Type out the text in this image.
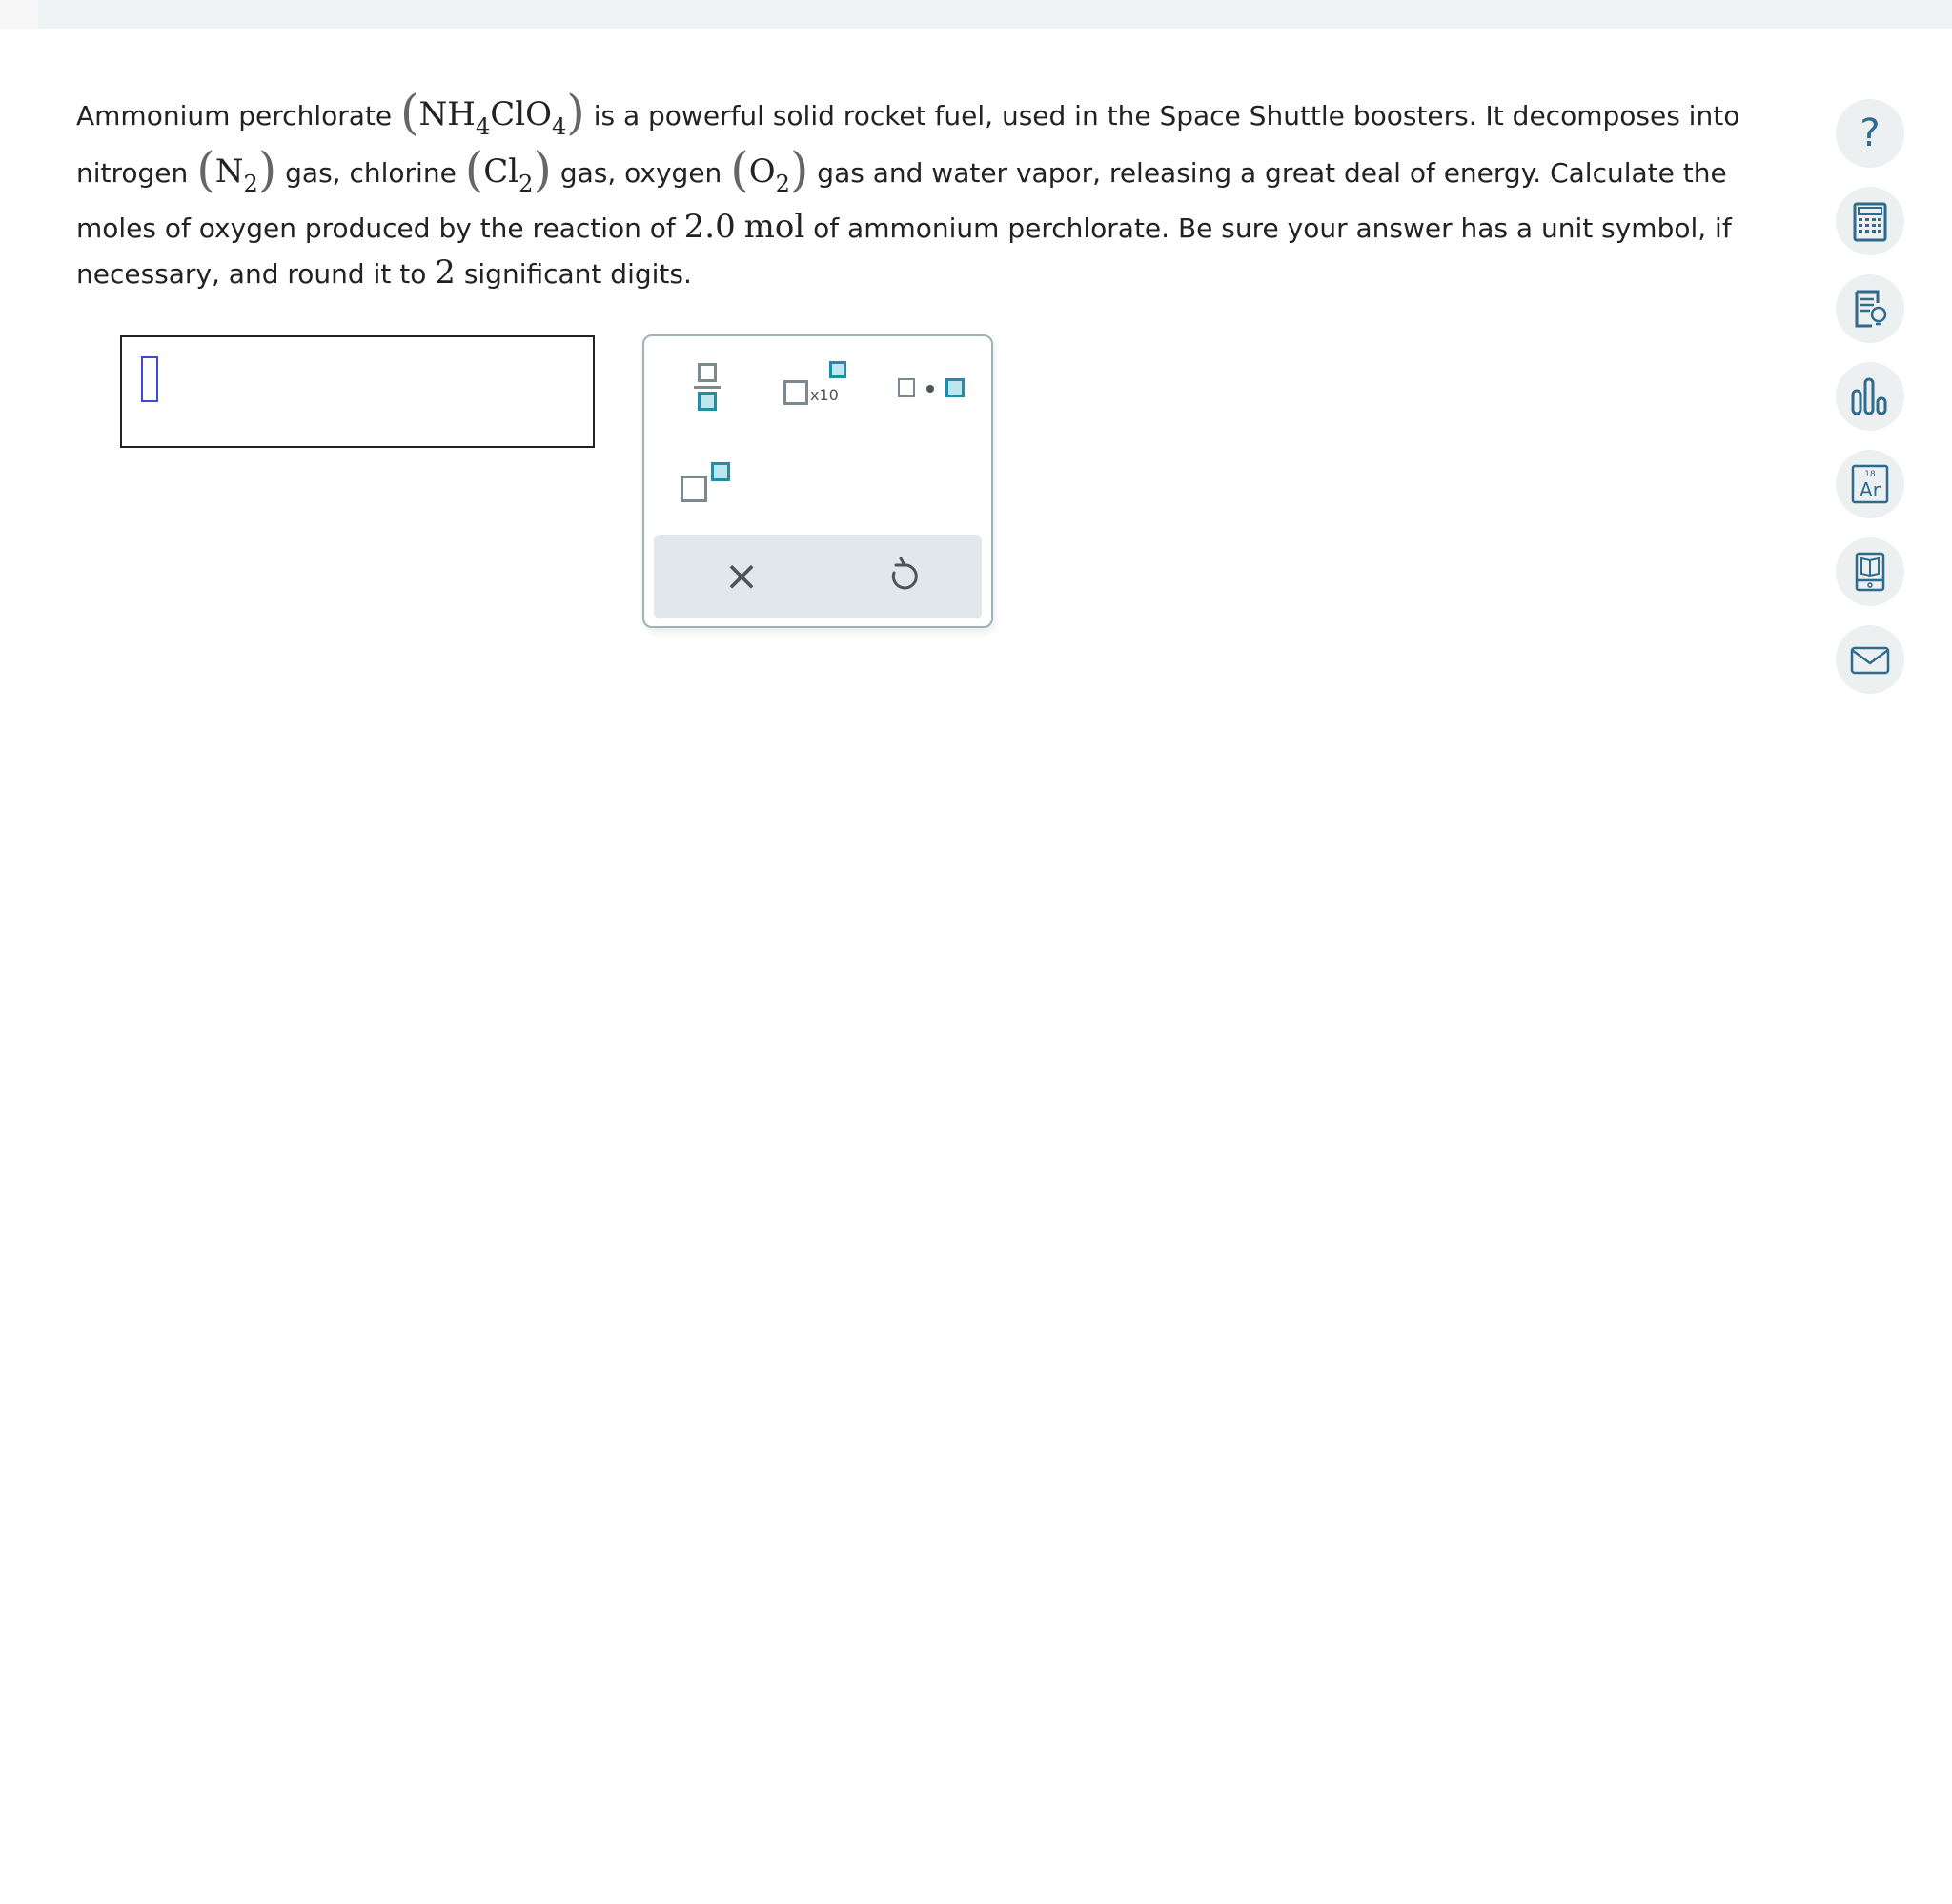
Ammonium perchlorate $(NH_4ClO_4)$ is a powerful solid rocket fuel, used in the Space Shuttle boosters. It decomposes into
nitrogen $(N_2)$ gas, chlorine $(Cl_2)$ gas, oxygen $(O_2)$ gas and water vapor, releasing a great deal of energy. Calculate the
moles of oxygen produced by the reaction of 2.0 mol of ammonium perchlorate. Be sure your answer has a unit symbol, if
necessary, and round it to 2 significant digits.
x10
×
?
18
Ar
